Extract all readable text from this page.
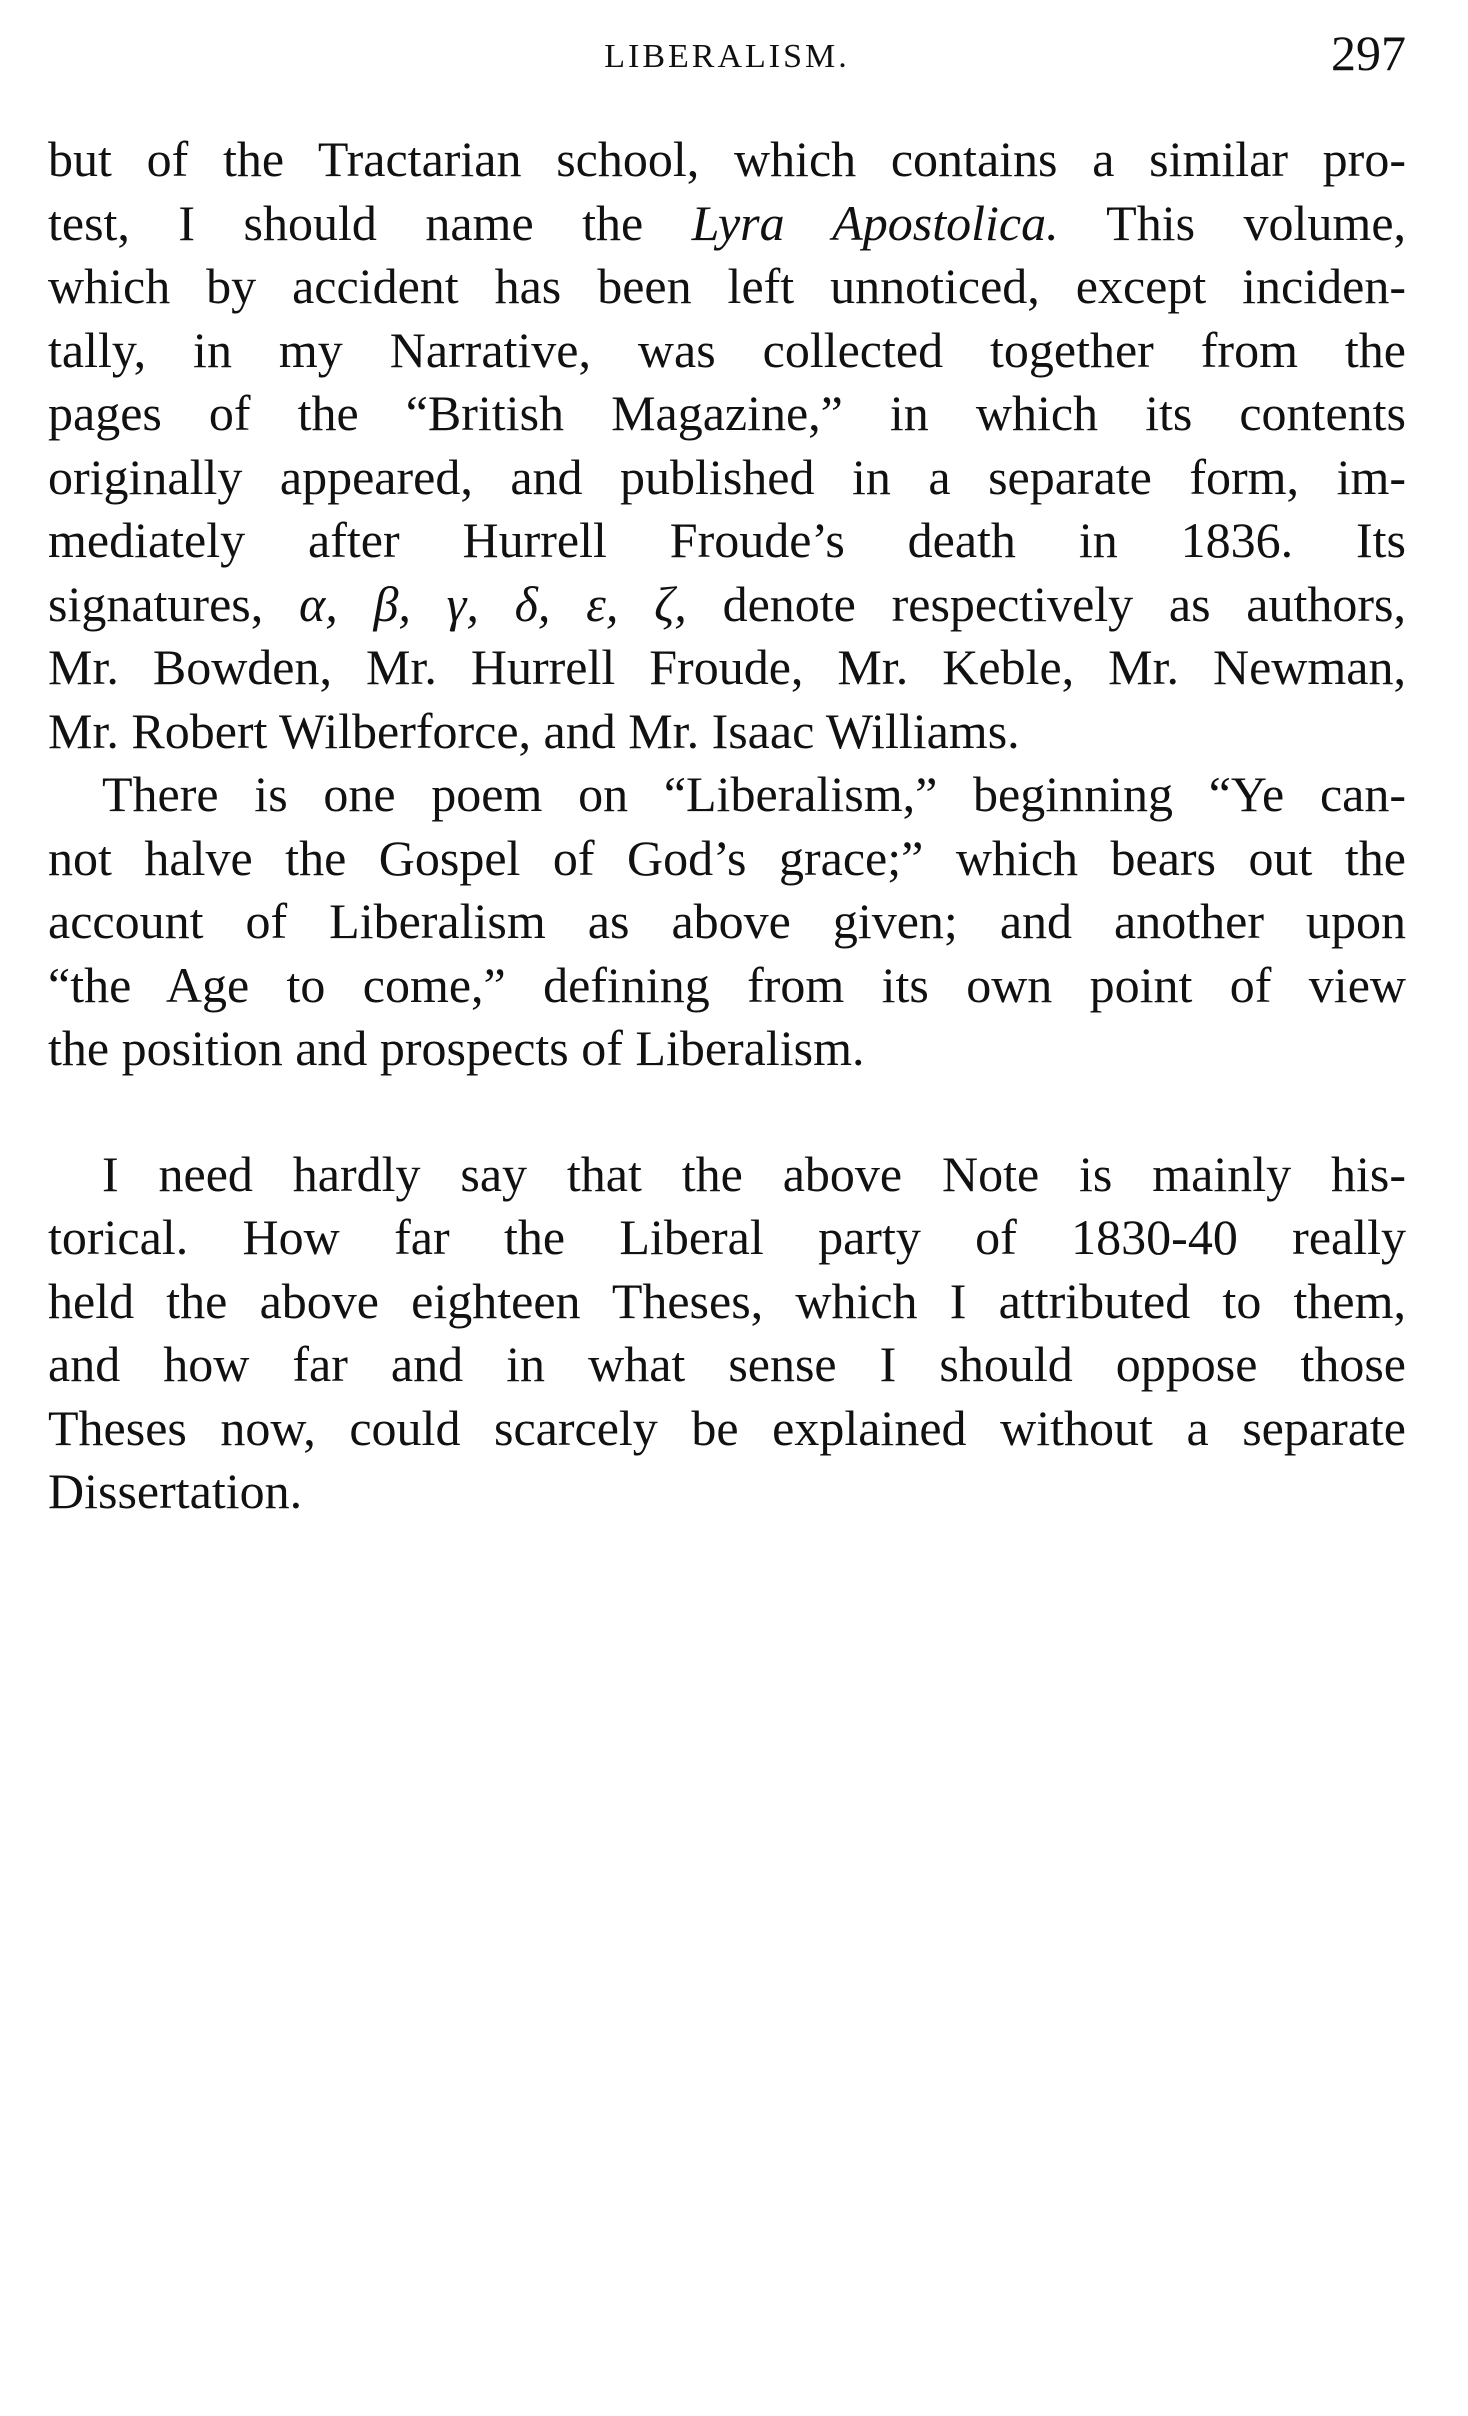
LIBERALISM.	297
but of the Tractarian school, which contains a similar pro-
test, I should name the Lyra Apostolica. This volume,
which by accident has been left unnoticed, except inciden-
tally, in my Narrative, was collected together from the
pages of the “British Magazine,” in which its contents
originally appeared, and published in a separate form, im-
mediately after Hurrell Froude’s death in 1836. Its
signatures, α, β, γ, δ, ε, ζ, denote respectively as authors,
Mr. Bowden, Mr. Hurrell Froude, Mr. Keble, Mr. Newman,
Mr. Robert Wilberforce, and Mr. Isaac Williams.
There is one poem on “Liberalism,” beginning “Ye can-
not halve the Gospel of God’s grace;” which bears out the
account of Liberalism as above given; and another upon
“the Age to come,” defining from its own point of view
the position and prospects of Liberalism.
I need hardly say that the above Note is mainly his-
torical. How far the Liberal party of 1830-40 really
held the above eighteen Theses, which I attributed to them,
and how far and in what sense I should oppose those
Theses now, could scarcely be explained without a separate
Dissertation.
